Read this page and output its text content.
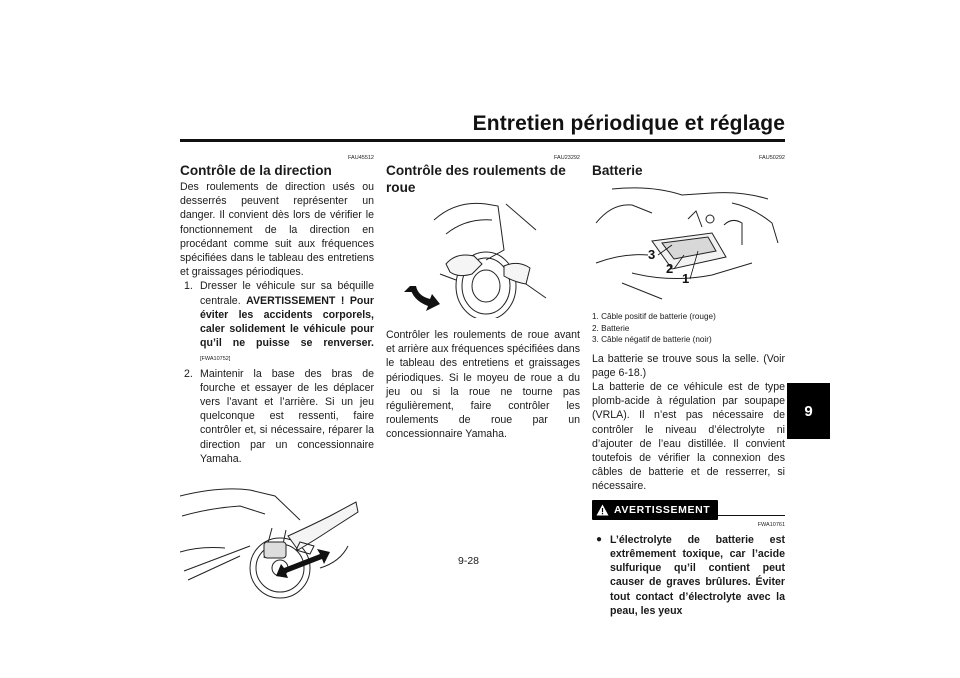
Entretien périodique et réglage
9
FAU45512
Contrôle de la direction

Des roulements de direction usés ou desserrés peuvent représenter un danger. Il convient dès lors de vérifier le fonctionnement de la direction en procédant comme suit aux fréquences spécifiées dans le tableau des entretiens et graissages périodiques.

1. Dresser le véhicule sur sa béquille centrale. AVERTISSEMENT ! Pour éviter les accidents corporels, caler solidement le véhicule pour qu’il ne puisse se renverser. [FWA10752]
2. Maintenir la base des bras de fourche et essayer de les déplacer vers l’avant et l’arrière. Si un jeu quelconque est ressenti, faire contrôler et, si nécessaire, réparer la direction par un concessionnaire Yamaha.
FAU23292
Contrôle des roulements de roue

Contrôler les roulements de roue avant et arrière aux fréquences spécifiées dans le tableau des entretiens et graissages périodiques. Si le moyeu de roue a du jeu ou si la roue ne tourne pas régulièrement, faire contrôler les roulements de roue par un concessionnaire Yamaha.

FAU50292
Batterie
3
2
1
1. Câble positif de batterie (rouge)
2. Batterie
3. Câble négatif de batterie (noir)

La batterie se trouve sous la selle. (Voir page 6-18.)

La batterie de ce véhicule est de type plomb-acide à régulation par soupape (VRLA). Il n’est pas nécessaire de contrôler le niveau d’électrolyte ni d’ajouter de l’eau distillée. Il convient toutefois de vérifier la connexion des câbles de batterie et de resserrer, si nécessaire.

AVERTISSEMENT
FWA10761
● L’électrolyte de batterie est extrêmement toxique, car l’acide sulfurique qu’il contient peut causer de graves brûlures. Éviter tout contact d’électrolyte avec la peau, les yeux
9-28
